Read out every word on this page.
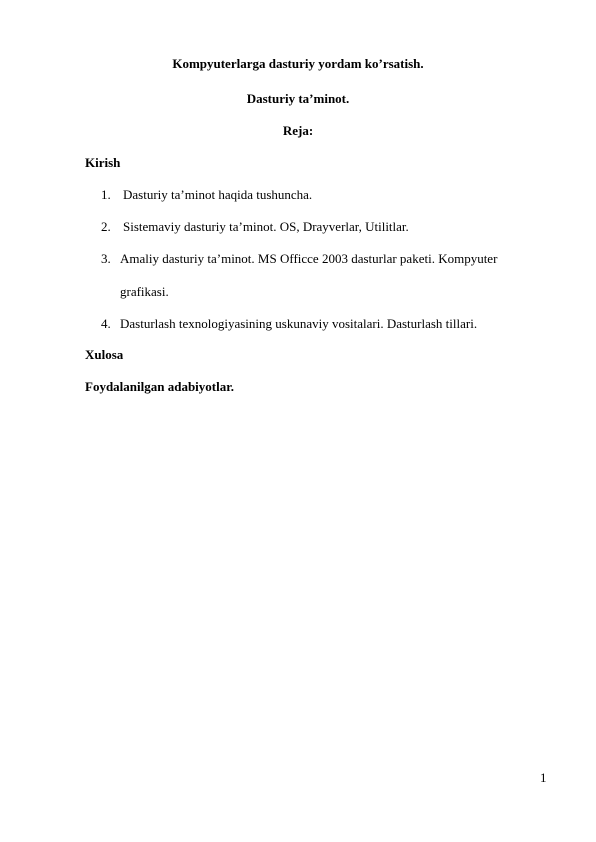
Kompyuterlarga dasturiy yordam ko’rsatish.
Dasturiy ta’minot.
Reja:
Kirish
1. Dasturiy ta’minot haqida tushuncha.
2. Sistemaviy dasturiy ta’minot. OS, Drayverlar, Utilitlar.
3. Amaliy dasturiy ta’minot. MS Officce 2003 dasturlar paketi. Kompyuter
grafikasi.
4. Dasturlash texnologiyasining uskunaviy vositalari. Dasturlash tillari.
Xulosa
Foydalanilgan adabiyotlar.
1
